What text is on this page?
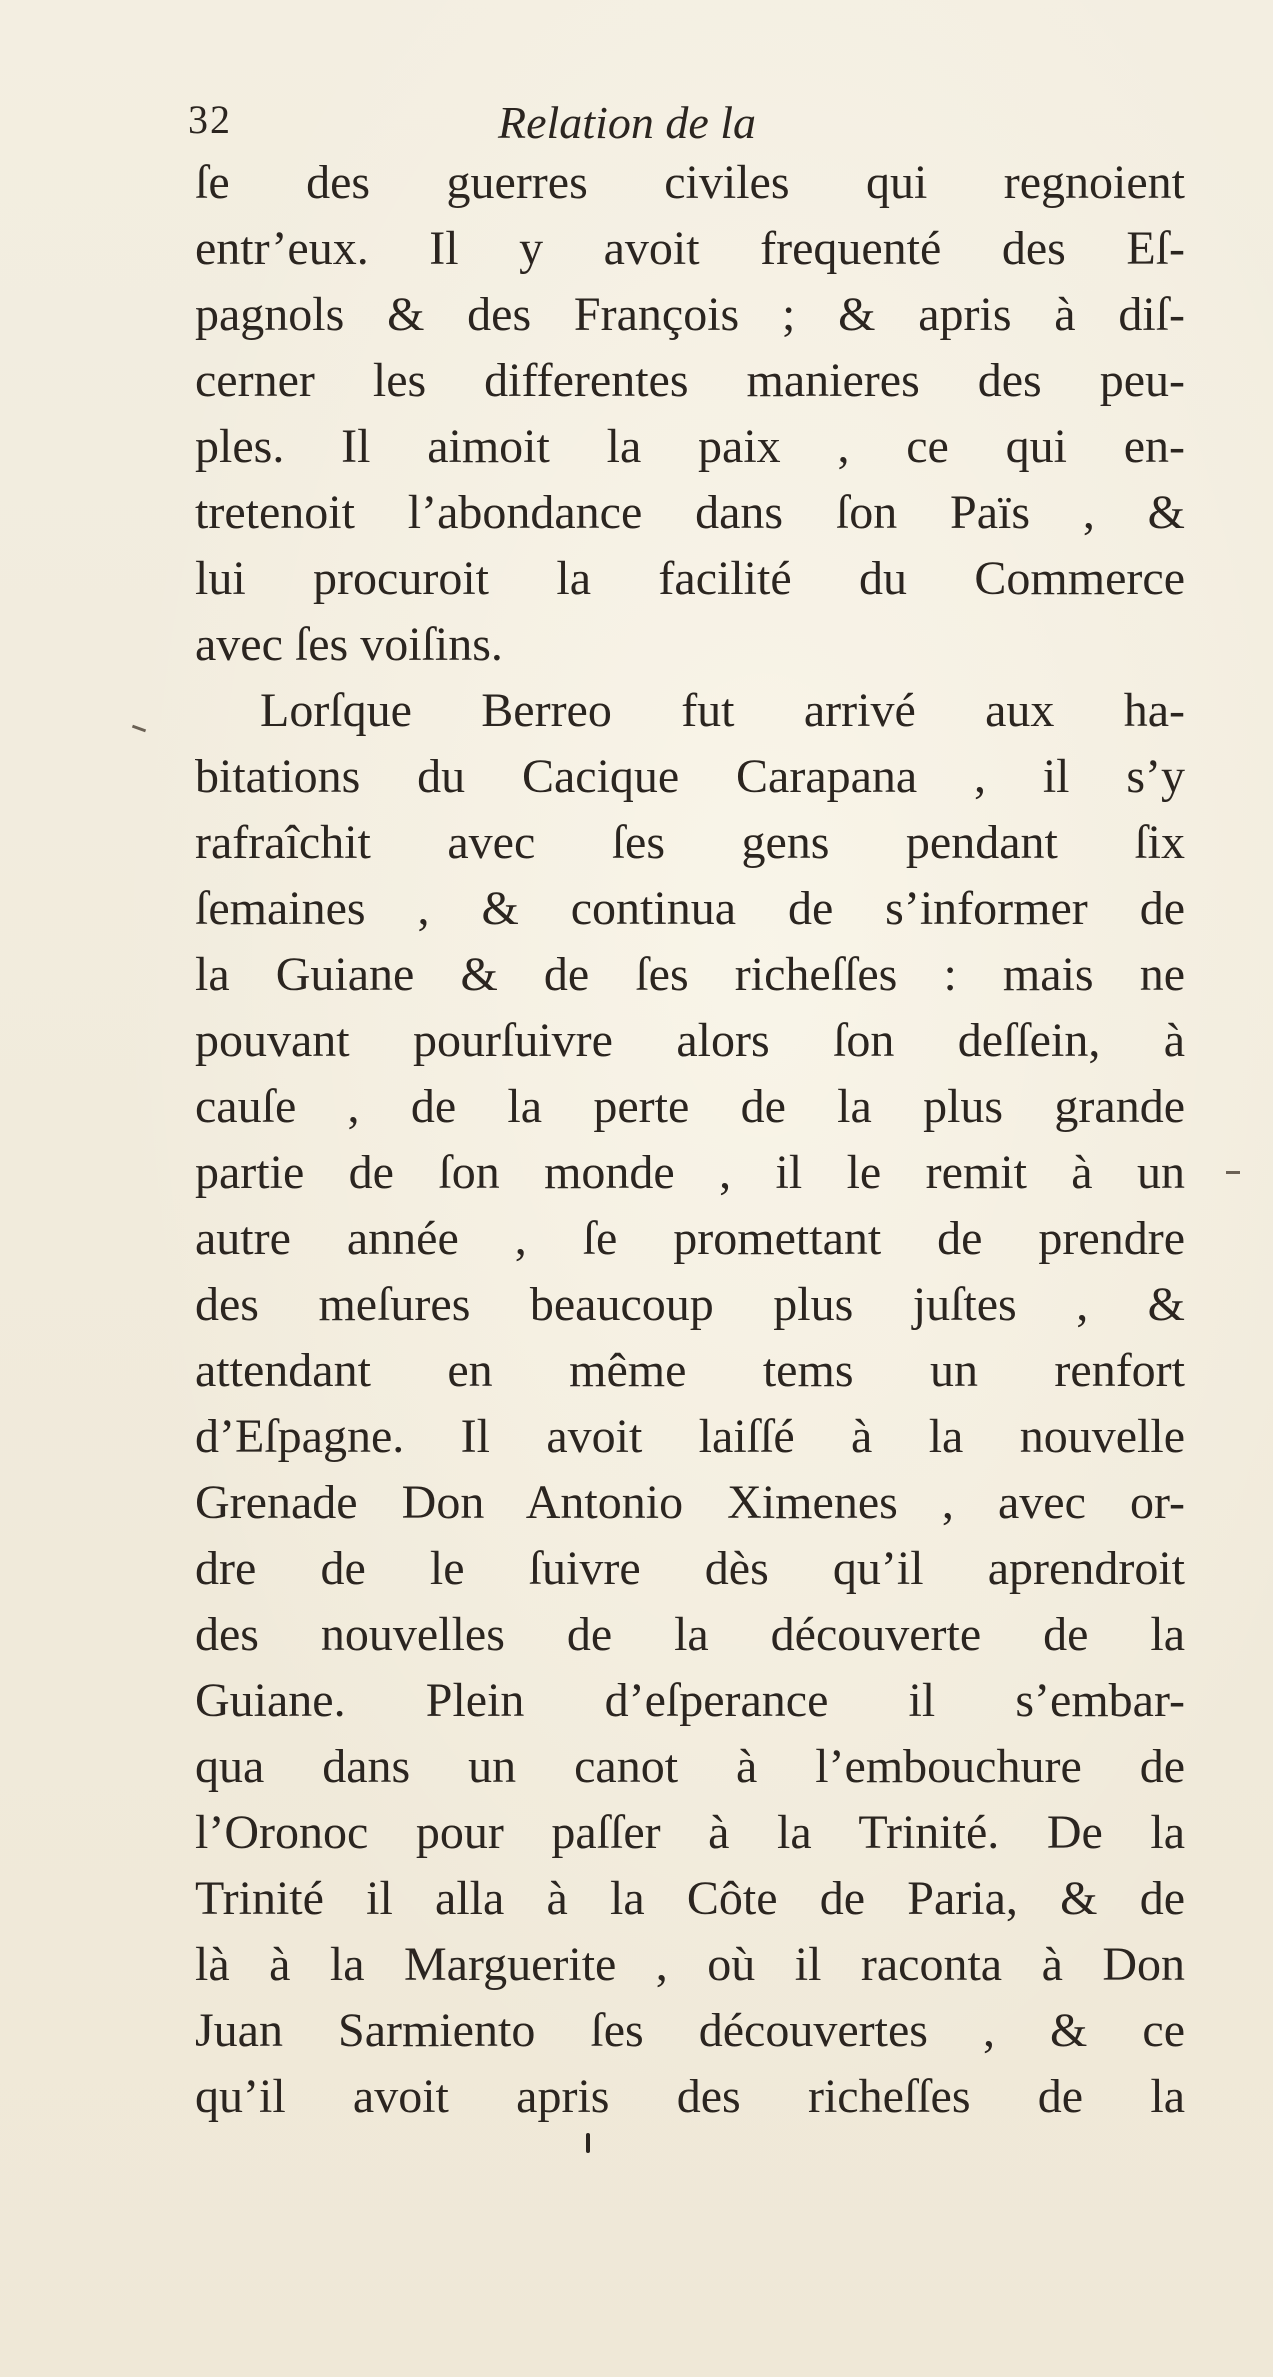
32	Relation de la
ſe des guerres civiles qui regnoient
entr’eux. Il y avoit frequenté des Eſ-
pagnols & des François ; & apris à diſ-
cerner les differentes manieres des peu-
ples. Il aimoit la paix , ce qui en-
tretenoit l’abondance dans ſon Païs , &
lui procuroit la facilité du Commerce
avec ſes voiſins.
Lorſque Berreo fut arrivé aux ha-
bitations du Cacique Carapana , il s’y
rafraîchit avec ſes gens pendant ſix
ſemaines , & continua de s’informer de
la Guiane & de ſes richeſſes : mais ne
pouvant pourſuivre alors ſon deſſein, à
cauſe , de la perte de la plus grande
partie de ſon monde , il le remit à un
autre année , ſe promettant de prendre
des meſures beaucoup plus juſtes , &
attendant en même tems un renfort
d’Eſpagne. Il avoit laiſſé à la nouvelle
Grenade Don Antonio Ximenes , avec or-
dre de le ſuivre dès qu’il aprendroit
des nouvelles de la découverte de la
Guiane. Plein d’eſperance il s’embar-
qua dans un canot à l’embouchure de
l’Oronoc pour paſſer à la Trinité. De la
Trinité il alla à la Côte de Paria, & de
là à la Marguerite , où il raconta à Don
Juan Sarmiento ſes découvertes , & ce
qu’il avoit apris des richeſſes de la
